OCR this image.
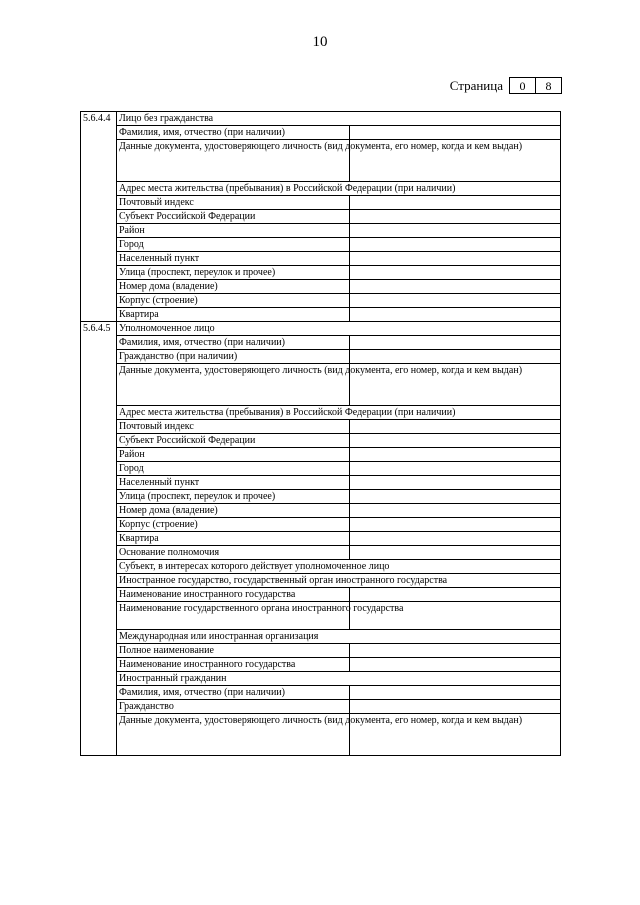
10
Страница	0	8
5.6.4.4	Лицо без гражданства	
	Фамилия, имя, отчество (при наличии)	
	Данные документа, удостоверяющего личность (вид документа, его номер, когда и кем выдан)	
	Адрес места жительства (пребывания) в Российской Федерации (при наличии)	
	Почтовый индекс	
	Субъект Российской Федерации	
	Район	
	Город	
	Населенный пункт	
	Улица (проспект, переулок и прочее)	
	Номер дома (владение)	
	Корпус (строение)	
	Квартира	
5.6.4.5	Уполномоченное лицо	
	Фамилия, имя, отчество (при наличии)	
	Гражданство (при наличии)	
	Данные документа, удостоверяющего личность (вид документа, его номер, когда и кем выдан)	
	Адрес места жительства (пребывания) в Российской Федерации (при наличии)	
	Почтовый индекс	
	Субъект Российской Федерации	
	Район	
	Город	
	Населенный пункт	
	Улица (проспект, переулок и прочее)	
	Номер дома (владение)	
	Корпус (строение)	
	Квартира	
	Основание полномочия	
	Субъект, в интересах которого действует уполномоченное лицо	
	Иностранное государство, государственный орган иностранного государства	
	Наименование иностранного государства	
	Наименование государственного органа иностранного государства	
	Международная или иностранная организация	
	Полное наименование	
	Наименование иностранного государства	
	Иностранный гражданин	
	Фамилия, имя, отчество (при наличии)	
	Гражданство	
	Данные документа, удостоверяющего личность (вид документа, его номер, когда и кем выдан)	
